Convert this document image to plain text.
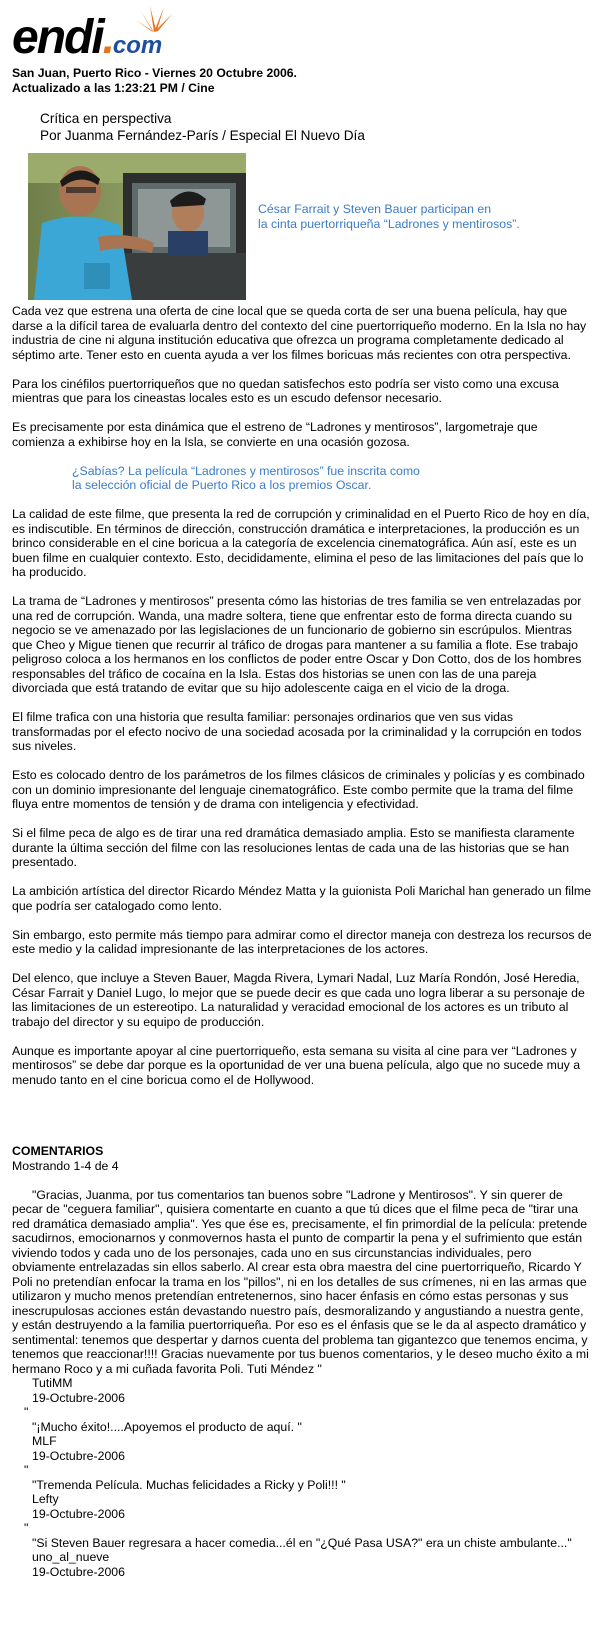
endi.com
San Juan, Puerto Rico - Viernes 20 Octubre 2006.
Actualizado a las 1:23:21 PM / Cine
Crítica en perspectiva
Por Juanma Fernández-París / Especial El Nuevo Día
César Farrait y Steven Bauer participan en
la cinta puertorriqueña “Ladrones y mentirosos”.

Cada vez que estrena una oferta de cine local que se queda corta de ser una buena película, hay que darse a la difícil tarea de evaluarla dentro del contexto del cine puertorriqueño moderno. En la Isla no hay industria de cine ni alguna institución educativa que ofrezca un programa completamente dedicado al séptimo arte. Tener esto en cuenta ayuda a ver los filmes boricuas más recientes con otra perspectiva.

Para los cinéfilos puertorriqueños que no quedan satisfechos esto podría ser visto como una excusa mientras que para los cineastas locales esto es un escudo defensor necesario.

Es precisamente por esta dinámica que el estreno de “Ladrones y mentirosos”, largometraje que comienza a exhibirse hoy en la Isla, se convierte en una ocasión gozosa.

¿Sabías? La película “Ladrones y mentirosos” fue inscrita como
la selección oficial de Puerto Rico a los premios Oscar.

La calidad de este filme, que presenta la red de corrupción y criminalidad en el Puerto Rico de hoy en día, es indiscutible. En términos de dirección, construcción dramática e interpretaciones, la producción es un brinco considerable en el cine boricua a la categoría de excelencia cinematográfica. Aún así, este es un buen filme en cualquier contexto. Esto, decididamente, elimina el peso de las limitaciones del país que lo ha producido.

La trama de “Ladrones y mentirosos” presenta cómo las historias de tres familia se ven entrelazadas por una red de corrupción. Wanda, una madre soltera, tiene que enfrentar esto de forma directa cuando su negocio se ve amenazado por las legislaciones de un funcionario de gobierno sin escrúpulos. Mientras que Cheo y Migue tienen que recurrir al tráfico de drogas para mantener a su familia a flote. Ese trabajo peligroso coloca a los hermanos en los conflictos de poder entre Oscar y Don Cotto, dos de los hombres responsables del tráfico de cocaína en la Isla. Estas dos historias se unen con las de una pareja divorciada que está tratando de evitar que su hijo adolescente caiga en el vicio de la droga.

El filme trafica con una historia que resulta familiar: personajes ordinarios que ven sus vidas transformadas por el efecto nocivo de una sociedad acosada por la criminalidad y la corrupción en todos sus niveles.

Esto es colocado dentro de los parámetros de los filmes clásicos de criminales y policías y es combinado con un dominio impresionante del lenguaje cinematográfico. Este combo permite que la trama del filme fluya entre momentos de tensión y de drama con inteligencia y efectividad.

Si el filme peca de algo es de tirar una red dramática demasiado amplia. Esto se manifiesta claramente durante la última sección del filme con las resoluciones lentas de cada una de las historias que se han presentado.

La ambición artística del director Ricardo Méndez Matta y la guionista Poli Marichal han generado un filme que podría ser catalogado como lento.

Sin embargo, esto permite más tiempo para admirar como el director maneja con destreza los recursos de este medio y la calidad impresionante de las interpretaciones de los actores.

Del elenco, que incluye a Steven Bauer, Magda Rivera, Lymari Nadal, Luz María Rondón, José Heredia, César Farrait y Daniel Lugo, lo mejor que se puede decir es que cada uno logra liberar a su personaje de las limitaciones de un estereotipo. La naturalidad y veracidad emocional de los actores es un tributo al trabajo del director y su equipo de producción.

Aunque es importante apoyar al cine puertorriqueño, esta semana su visita al cine para ver “Ladrones y mentirosos” se debe dar porque es la oportunidad de ver una buena película, algo que no sucede muy a menudo tanto en el cine boricua como el de Hollywood.

COMENTARIOS
Mostrando 1-4 de 4
"Gracias, Juanma, por tus comentarios tan buenos sobre "Ladrone y Mentirosos". Y sin querer de pecar de "ceguera familiar", quisiera comentarte en cuanto a que tú dices que el filme peca de "tirar una red dramática demasiado amplia". Yes que ése es, precisamente, el fin primordial de la película: pretende sacudirnos, emocionarnos y conmovernos hasta el punto de compartir la pena y el sufrimiento que están viviendo todos y cada uno de los personajes, cada uno en sus circunstancias individuales, pero obviamente entrelazadas sin ellos saberlo. Al crear esta obra maestra del cine puertorriqueño, Ricardo Y Poli no pretendían enfocar la trama en los "pillos", ni en los detalles de sus crímenes, ni en las armas que utilizaron y mucho menos pretendían entretenernos, sino hacer énfasis en cómo estas personas y sus inescrupulosas acciones están devastando nuestro país, desmoralizando y angustiando a nuestra gente, y están destruyendo a la familia puertorriqueña. Por eso es el énfasis que se le da al aspecto dramático y sentimental: tenemos que despertar y darnos cuenta del problema tan gigantezco que tenemos encima, y tenemos que reaccionar!!!! Gracias nuevamente por tus buenos comentarios, y le deseo mucho éxito a mi hermano Roco y a mi cuñada favorita Poli. Tuti Méndez "
TutiMM
19-Octubre-2006
"
"¡Mucho éxito!....Apoyemos el producto de aquí. "
MLF
19-Octubre-2006
"
"Tremenda Película. Muchas felicidades a Ricky y Poli!!! "
Lefty
19-Octubre-2006
"
"Si Steven Bauer regresara a hacer comedia...él en "¿Qué Pasa USA?" era un chiste ambulante..."
uno_al_nueve
19-Octubre-2006
